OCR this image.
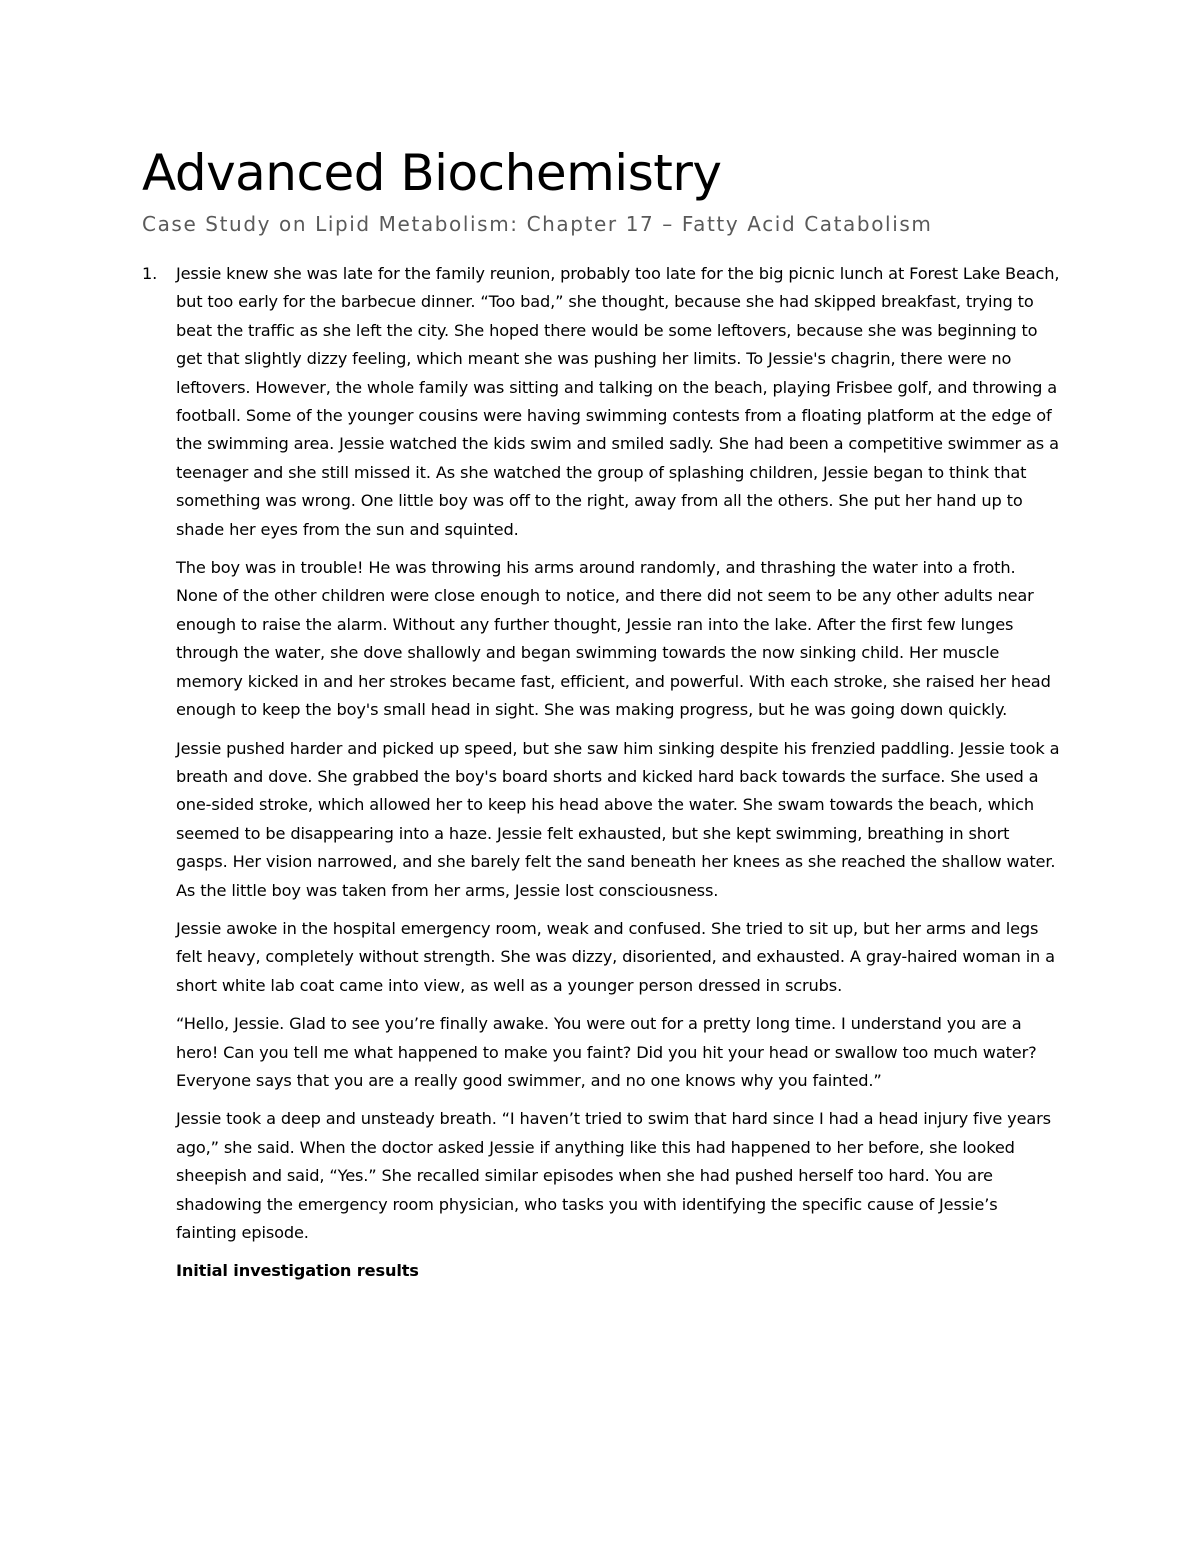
Advanced Biochemistry
Case Study on Lipid Metabolism: Chapter 17 – Fatty Acid Catabolism
1. Jessie knew she was late for the family reunion, probably too late for the big picnic lunch at Forest Lake Beach, but too early for the barbecue dinner. “Too bad,” she thought, because she had skipped breakfast, trying to beat the traffic as she left the city. She hoped there would be some leftovers, because she was beginning to get that slightly dizzy feeling, which meant she was pushing her limits. To Jessie's chagrin, there were no leftovers. However, the whole family was sitting and talking on the beach, playing Frisbee golf, and throwing a football. Some of the younger cousins were having swimming contests from a floating platform at the edge of the swimming area. Jessie watched the kids swim and smiled sadly. She had been a competitive swimmer as a teenager and she still missed it. As she watched the group of splashing children, Jessie began to think that something was wrong. One little boy was off to the right, away from all the others. She put her hand up to shade her eyes from the sun and squinted.

The boy was in trouble! He was throwing his arms around randomly, and thrashing the water into a froth. None of the other children were close enough to notice, and there did not seem to be any other adults near enough to raise the alarm. Without any further thought, Jessie ran into the lake. After the first few lunges through the water, she dove shallowly and began swimming towards the now sinking child. Her muscle memory kicked in and her strokes became fast, efficient, and powerful. With each stroke, she raised her head enough to keep the boy's small head in sight. She was making progress, but he was going down quickly.

Jessie pushed harder and picked up speed, but she saw him sinking despite his frenzied paddling. Jessie took a breath and dove. She grabbed the boy's board shorts and kicked hard back towards the surface. She used a one-sided stroke, which allowed her to keep his head above the water. She swam towards the beach, which seemed to be disappearing into a haze. Jessie felt exhausted, but she kept swimming, breathing in short gasps. Her vision narrowed, and she barely felt the sand beneath her knees as she reached the shallow water. As the little boy was taken from her arms, Jessie lost consciousness.

Jessie awoke in the hospital emergency room, weak and confused. She tried to sit up, but her arms and legs felt heavy, completely without strength. She was dizzy, disoriented, and exhausted. A gray-haired woman in a short white lab coat came into view, as well as a younger person dressed in scrubs.

“Hello, Jessie. Glad to see you’re finally awake. You were out for a pretty long time. I understand you are a hero! Can you tell me what happened to make you faint? Did you hit your head or swallow too much water? Everyone says that you are a really good swimmer, and no one knows why you fainted.”

Jessie took a deep and unsteady breath. “I haven’t tried to swim that hard since I had a head injury five years ago,” she said. When the doctor asked Jessie if anything like this had happened to her before, she looked sheepish and said, “Yes.” She recalled similar episodes when she had pushed herself too hard. You are shadowing the emergency room physician, who tasks you with identifying the specific cause of Jessie’s fainting episode.

Initial investigation results
